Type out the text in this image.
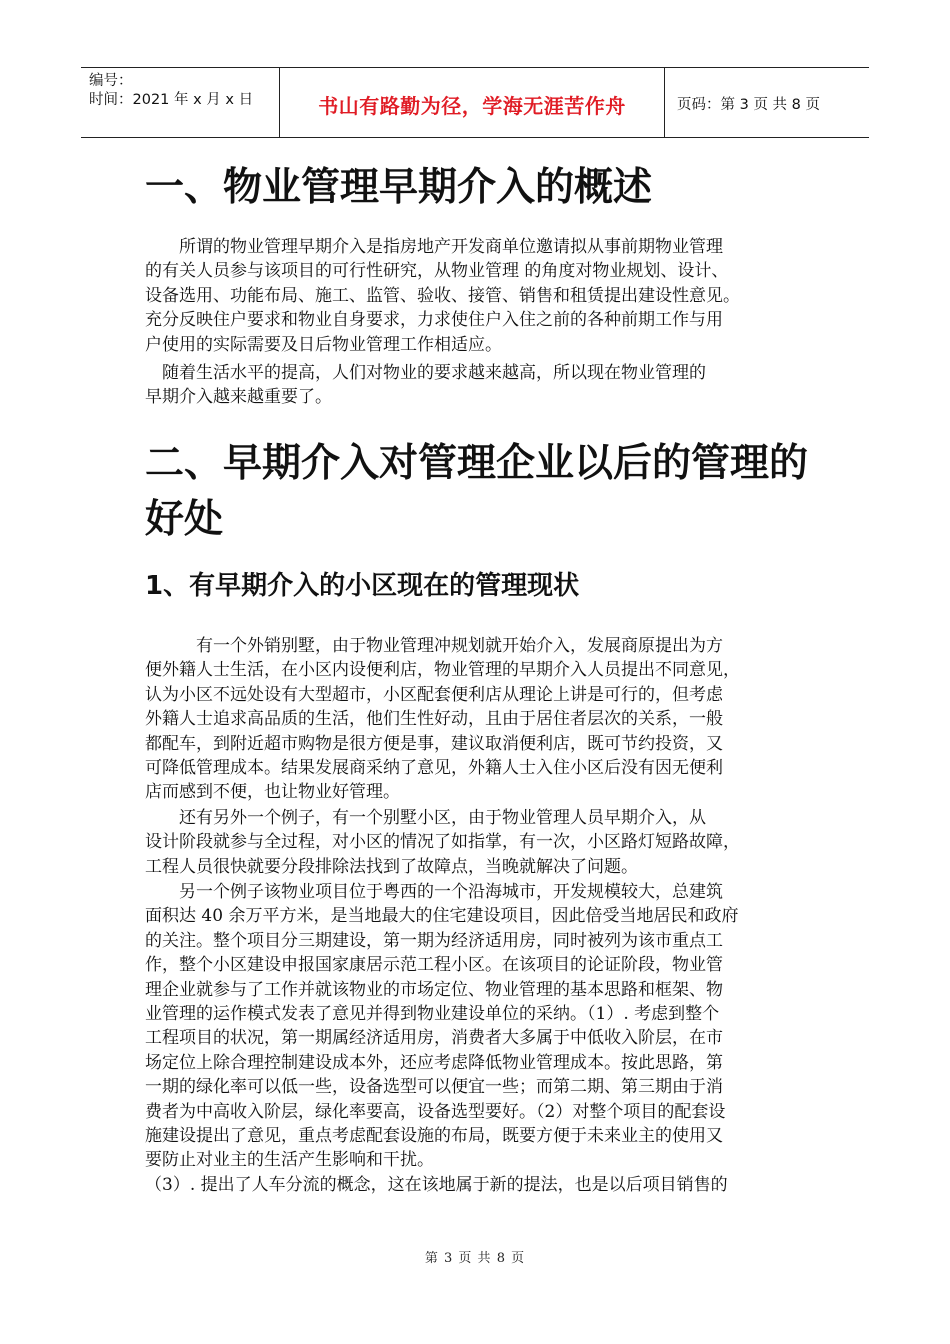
编号：
时间：2021 年 x 月 x 日	书山有路勤为径，学海无涯苦作舟	页码：第 3 页 共 8 页
一、物业管理早期介入的概述
　　所谓的物业管理早期介入是指房地产开发商单位邀请拟从事前期物业管理
的有关人员参与该项目的可行性研究，从物业管理 的角度对物业规划、设计、
设备选用、功能布局、施工、监管、验收、接管、销售和租赁提出建设性意见。
充分反映住户要求和物业自身要求，力求使住户入住之前的各种前期工作与用
户使用的实际需要及日后物业管理工作相适应。
　随着生活水平的提高，人们对物业的要求越来越高，所以现在物业管理的
早期介入越来越重要了。
二、早期介入对管理企业以后的管理的
好处
1、有早期介入的小区现在的管理现状
　　　有一个外销别墅，由于物业管理冲规划就开始介入，发展商原提出为方
便外籍人士生活，在小区内设便利店，物业管理的早期介入人员提出不同意见，
认为小区不远处设有大型超市，小区配套便利店从理论上讲是可行的，但考虑
外籍人士追求高品质的生活，他们生性好动，且由于居住者层次的关系，一般
都配车，到附近超市购物是很方便是事，建议取消便利店，既可节约投资，又
可降低管理成本。结果发展商采纳了意见，外籍人士入住小区后没有因无便利
店而感到不便，也让物业好管理。
　　还有另外一个例子，有一个别墅小区，由于物业管理人员早期介入，从
设计阶段就参与全过程，对小区的情况了如指掌，有一次，小区路灯短路故障，
工程人员很快就要分段排除法找到了故障点，当晚就解决了问题。
　　另一个例子该物业项目位于粤西的一个沿海城市，开发规模较大，总建筑
面积达 40 余万平方米，是当地最大的住宅建设项目，因此倍受当地居民和政府
的关注。整个项目分三期建设，第一期为经济适用房，同时被列为该市重点工
作，整个小区建设申报国家康居示范工程小区。在该项目的论证阶段，物业管
理企业就参与了工作并就该物业的市场定位、物业管理的基本思路和框架、物
业管理的运作模式发表了意见并得到物业建设单位的采纳。（1）. 考虑到整个
工程项目的状况，第一期属经济适用房，消费者大多属于中低收入阶层，在市
场定位上除合理控制建设成本外，还应考虑降低物业管理成本。按此思路，第
一期的绿化率可以低一些，设备选型可以便宜一些；而第二期、第三期由于消
费者为中高收入阶层，绿化率要高，设备选型要好。（2）对整个项目的配套设
施建设提出了意见，重点考虑配套设施的布局，既要方便于未来业主的使用又
要防止对业主的生活产生影响和干扰。
（3）. 提出了人车分流的概念，这在该地属于新的提法，也是以后项目销售的
第 3 页 共 8 页
